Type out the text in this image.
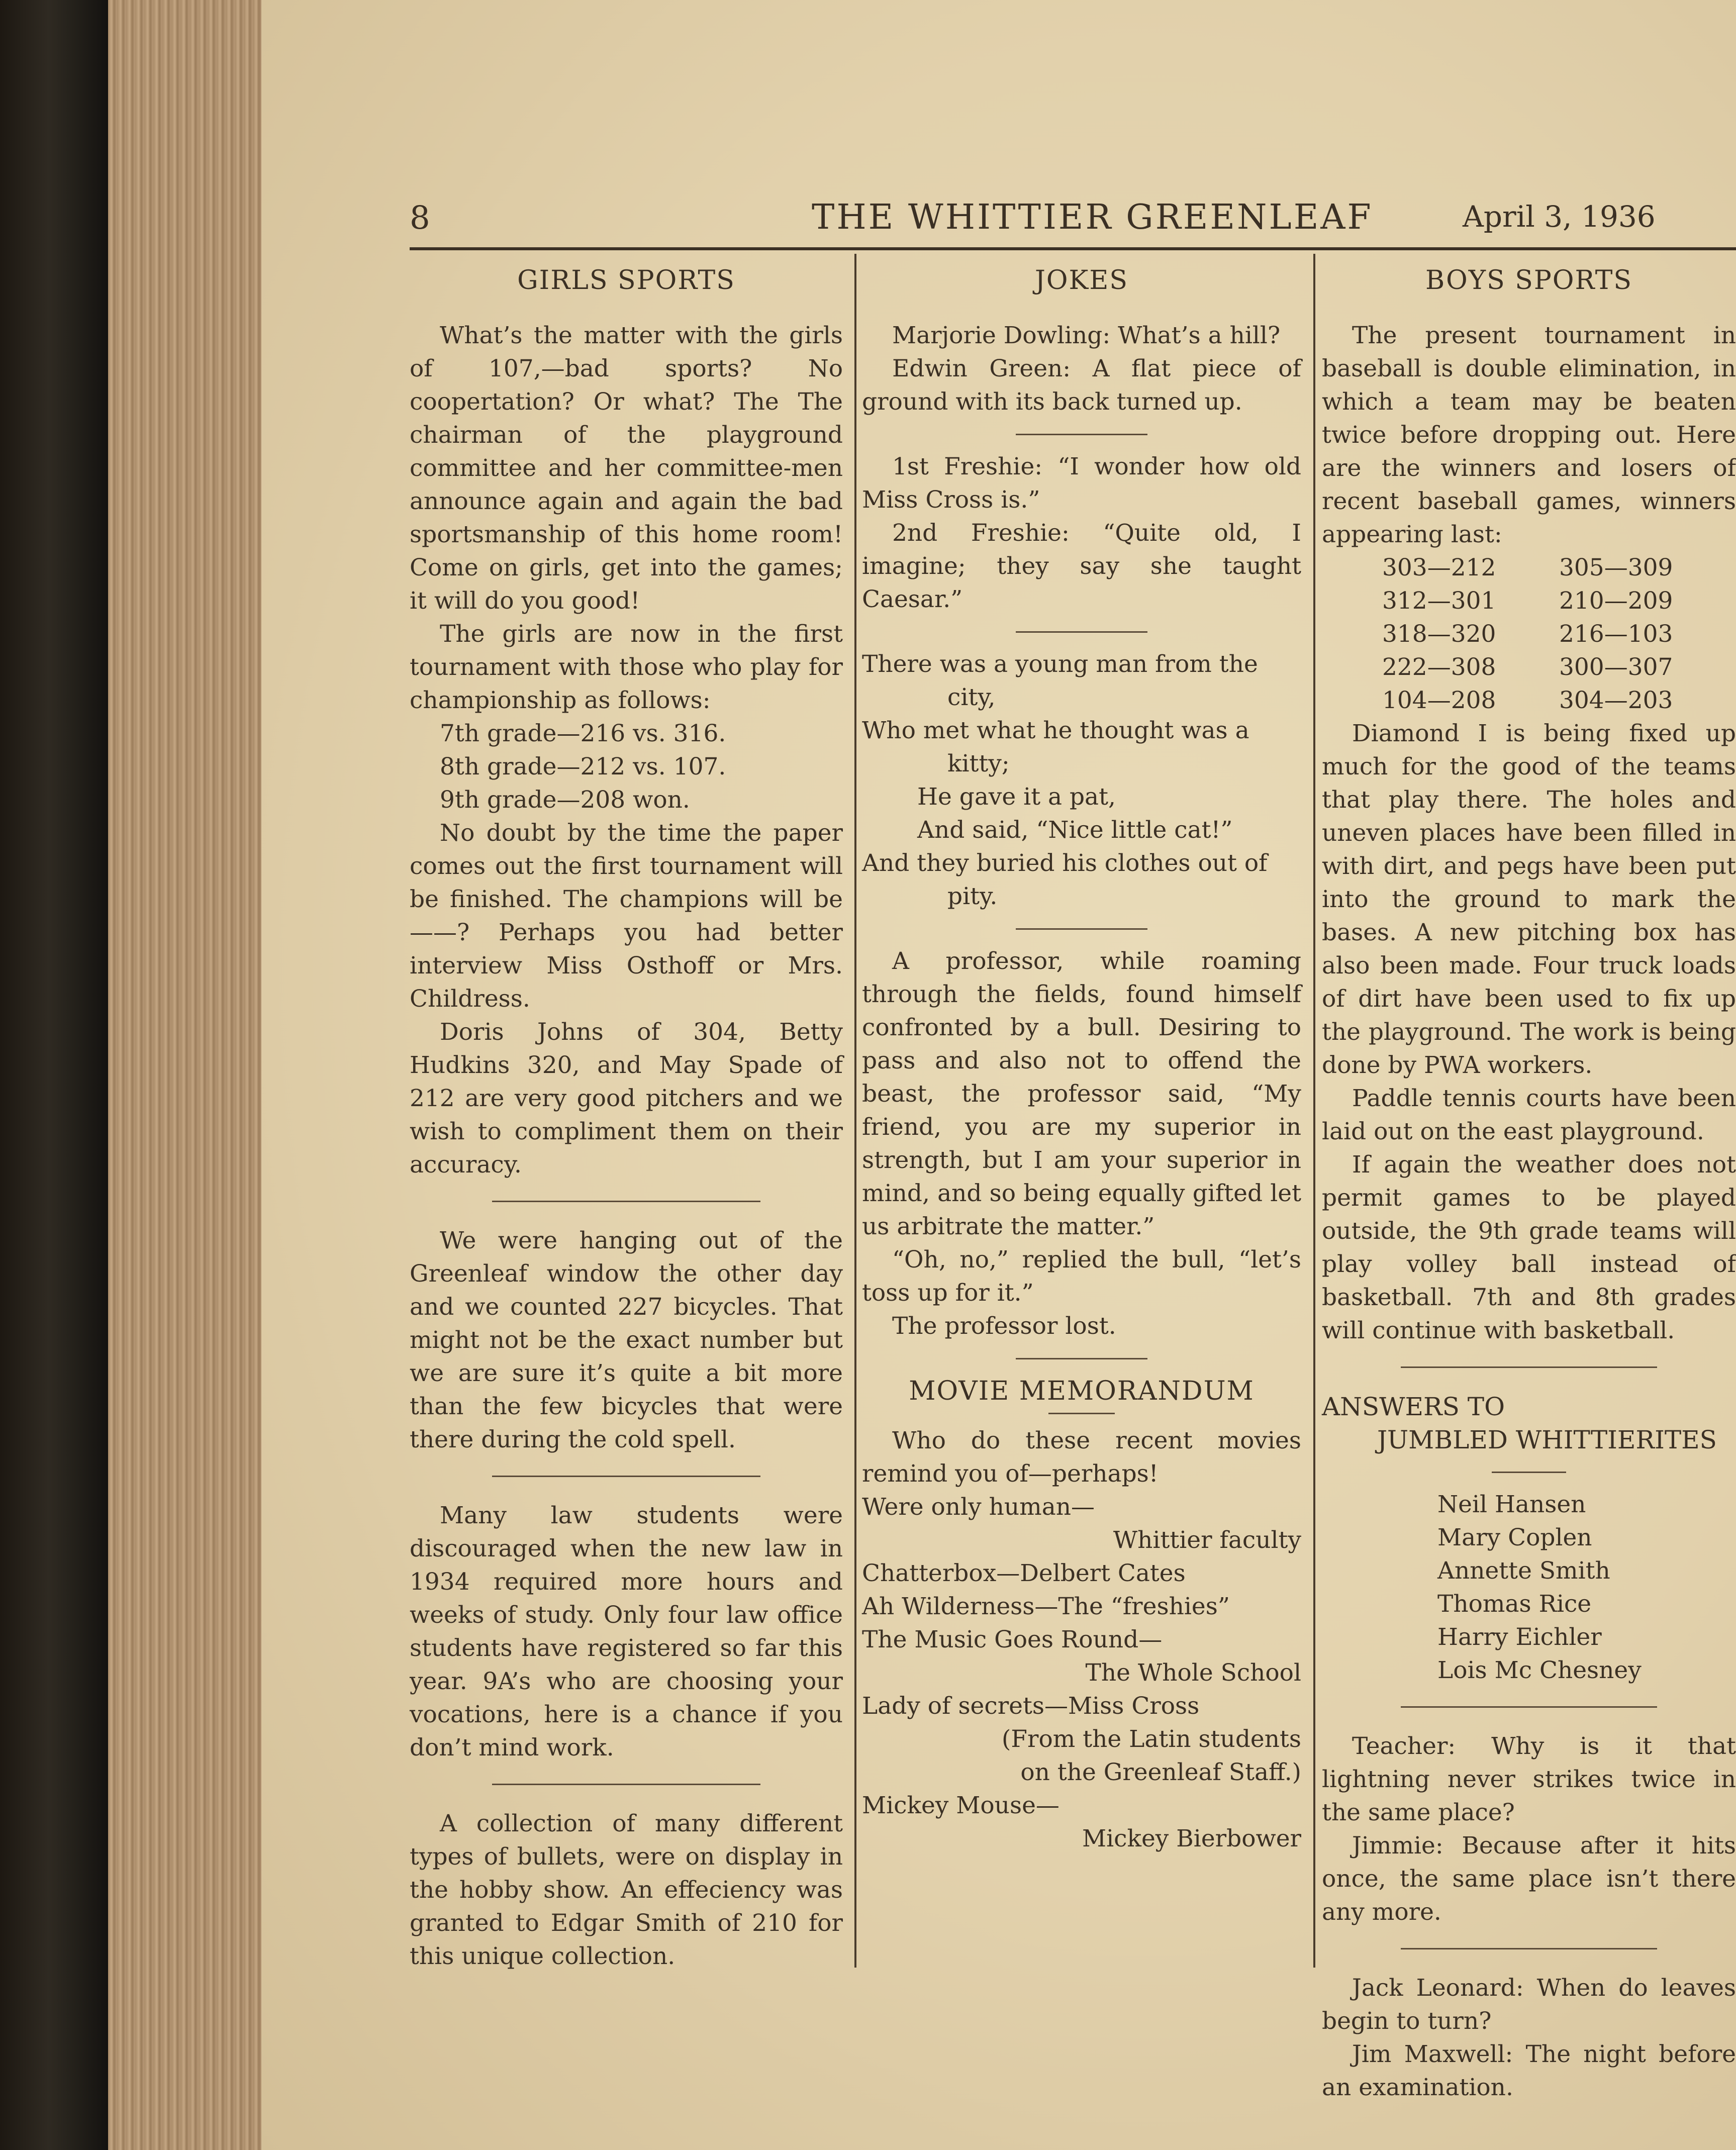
8	THE WHITTIER GREENLEAF	April 3, 1936
GIRLS SPORTS

What’s the matter with the girls of 107,—bad sports? No coopertation? Or what? The The chairman of the playground committee and her committee-men announce again and again the bad sportsmanship of this home room! Come on girls, get into the games; it will do you good!

The girls are now in the first tournament with those who play for championship as follows:

7th grade—216 vs. 316.
8th grade—212 vs. 107.
9th grade—208 won.

No doubt by the time the paper comes out the first tournament will be finished. The champions will be——? Perhaps you had better interview Miss Osthoff or Mrs. Childress.

Doris Johns of 304, Betty Hudkins 320, and May Spade of 212 are very good pitchers and we wish to compliment them on their accuracy.

We were hanging out of the Greenleaf window the other day and we counted 227 bicycles. That might not be the exact number but we are sure it’s quite a bit more than the few bicycles that were there during the cold spell.

Many law students were discouraged when the new law in 1934 required more hours and weeks of study. Only four law office students have registered so far this year. 9A’s who are choosing your vocations, here is a chance if you don’t mind work.

A collection of many different types of bullets, were on display in the hobby show. An effeciency was granted to Edgar Smith of 210 for this unique collection.

JOKES

Marjorie Dowling: What’s a hill?

Edwin Green: A flat piece of ground with its back turned up.

1st Freshie: “I wonder how old Miss Cross is.”

2nd Freshie: “Quite old, I imagine; they say she taught Caesar.”

There was a young man from the
city,
Who met what he thought was a
kitty;
He gave it a pat,
And said, “Nice little cat!”
And they buried his clothes out of
pity.

A professor, while roaming through the fields, found himself confronted by a bull. Desiring to pass and also not to offend the beast, the professor said, “My friend, you are my superior in strength, but I am your superior in mind, and so being equally gifted let us arbitrate the matter.”

“Oh, no,” replied the bull, “let’s toss up for it.”

The professor lost.

MOVIE MEMORANDUM

Who do these recent movies remind you of—perhaps!

Were only human—
Whittier faculty
Chatterbox—Delbert Cates
Ah Wilderness—The “freshies”
The Music Goes Round—
The Whole School
Lady of secrets—Miss Cross
(From the Latin students
on the Greenleaf Staff.)
Mickey Mouse—
Mickey Bierbower
BOYS SPORTS

The present tournament in baseball is double elimination, in which a team may be beaten twice before dropping out. Here are the winners and losers of recent baseball games, winners appearing last:

303—212	305—309
312—301	210—209
318—320	216—103
222—308	300—307
104—208	304—203

Diamond I is being fixed up much for the good of the teams that play there. The holes and uneven places have been filled in with dirt, and pegs have been put into the ground to mark the bases. A new pitching box has also been made. Four truck loads of dirt have been used to fix up the playground. The work is being done by PWA workers.

Paddle tennis courts have been laid out on the east playground.

If again the weather does not permit games to be played outside, the 9th grade teams will play volley ball instead of basketball. 7th and 8th grades will continue with basketball.

ANSWERS TO
JUMBLED WHITTIERITES
Neil Hansen
Mary Coplen
Annette Smith
Thomas Rice
Harry Eichler
Lois Mc Chesney

Teacher: Why is it that lightning never strikes twice in the same place?

Jimmie: Because after it hits once, the same place isn’t there any more.

Jack Leonard: When do leaves begin to turn?

Jim Maxwell: The night before an examination.
